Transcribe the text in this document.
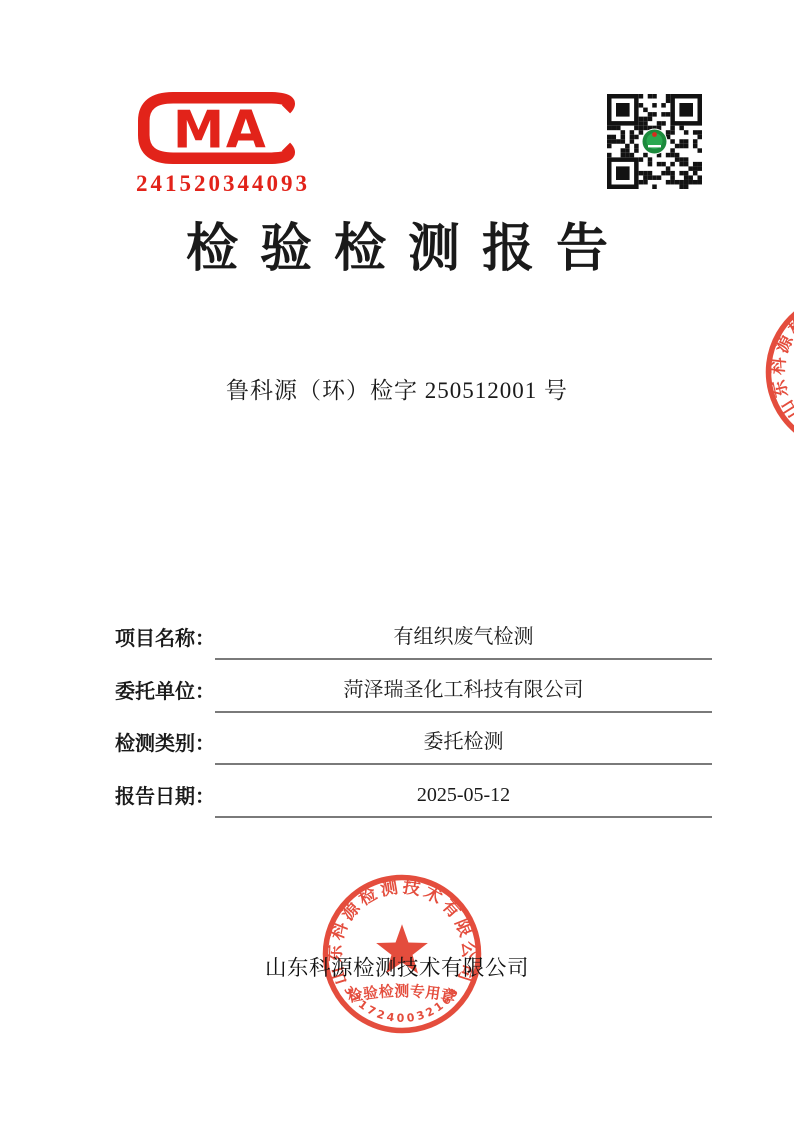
MA
241520344093
检验检测报告
鲁科源（环）检字 250512001 号
项目名称：	有组织废气检测
委托单位：	菏泽瑞圣化工科技有限公司
检测类别：	委托检测
报告日期：	2025-05-12
山东科源检测技术有限公司
